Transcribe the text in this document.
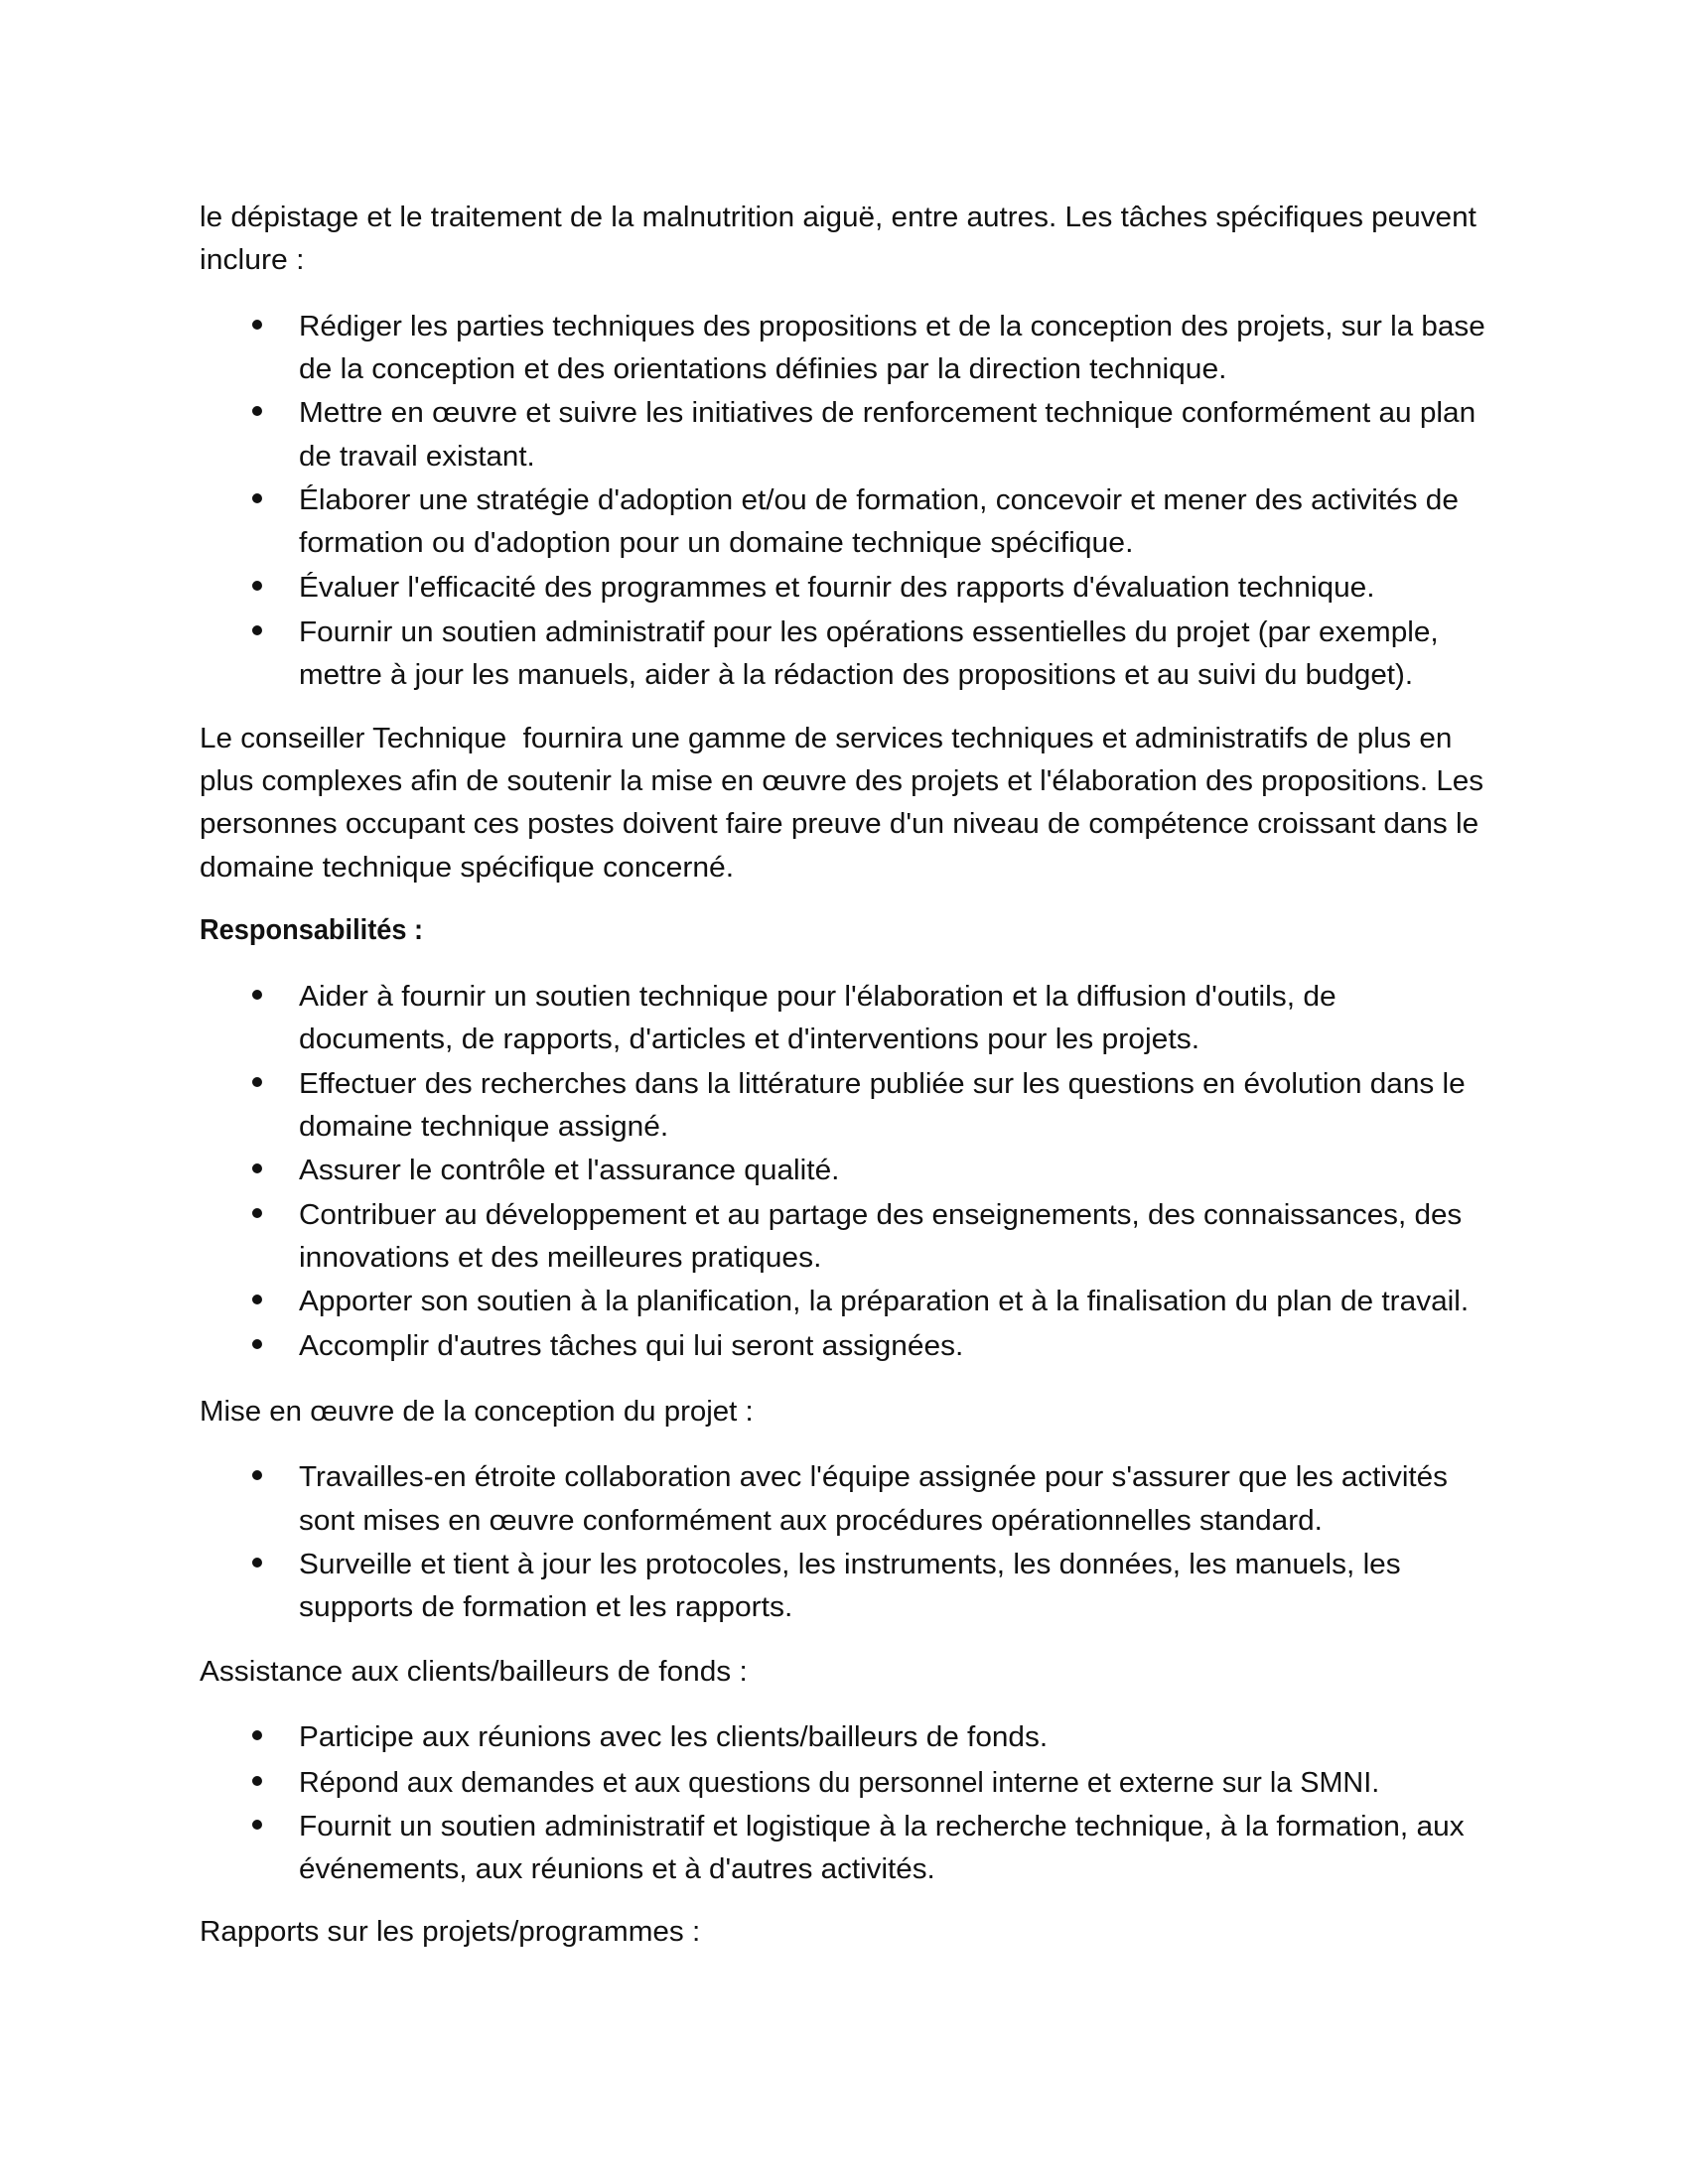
le dépistage et le traitement de la malnutrition aiguë, entre autres. Les tâches spécifiques peuvent
inclure :
Rédiger les parties techniques des propositions et de la conception des projets, sur la base
de la conception et des orientations définies par la direction technique.
Mettre en œuvre et suivre les initiatives de renforcement technique conformément au plan
de travail existant.
Élaborer une stratégie d'adoption et/ou de formation, concevoir et mener des activités de
formation ou d'adoption pour un domaine technique spécifique.
Évaluer l'efficacité des programmes et fournir des rapports d'évaluation technique.
Fournir un soutien administratif pour les opérations essentielles du projet (par exemple,
mettre à jour les manuels, aider à la rédaction des propositions et au suivi du budget).
Le conseiller Technique  fournira une gamme de services techniques et administratifs de plus en
plus complexes afin de soutenir la mise en œuvre des projets et l'élaboration des propositions. Les
personnes occupant ces postes doivent faire preuve d'un niveau de compétence croissant dans le
domaine technique spécifique concerné.
Responsabilités :
Aider à fournir un soutien technique pour l'élaboration et la diffusion d'outils, de
documents, de rapports, d'articles et d'interventions pour les projets.
Effectuer des recherches dans la littérature publiée sur les questions en évolution dans le
domaine technique assigné.
Assurer le contrôle et l'assurance qualité.
Contribuer au développement et au partage des enseignements, des connaissances, des
innovations et des meilleures pratiques.
Apporter son soutien à la planification, la préparation et à la finalisation du plan de travail.
Accomplir d'autres tâches qui lui seront assignées.
Mise en œuvre de la conception du projet :
Travailles-en étroite collaboration avec l'équipe assignée pour s'assurer que les activités
sont mises en œuvre conformément aux procédures opérationnelles standard.
Surveille et tient à jour les protocoles, les instruments, les données, les manuels, les
supports de formation et les rapports.
Assistance aux clients/bailleurs de fonds :
Participe aux réunions avec les clients/bailleurs de fonds.
Répond aux demandes et aux questions du personnel interne et externe sur la SMNI.
Fournit un soutien administratif et logistique à la recherche technique, à la formation, aux
événements, aux réunions et à d'autres activités.
Rapports sur les projets/programmes :
